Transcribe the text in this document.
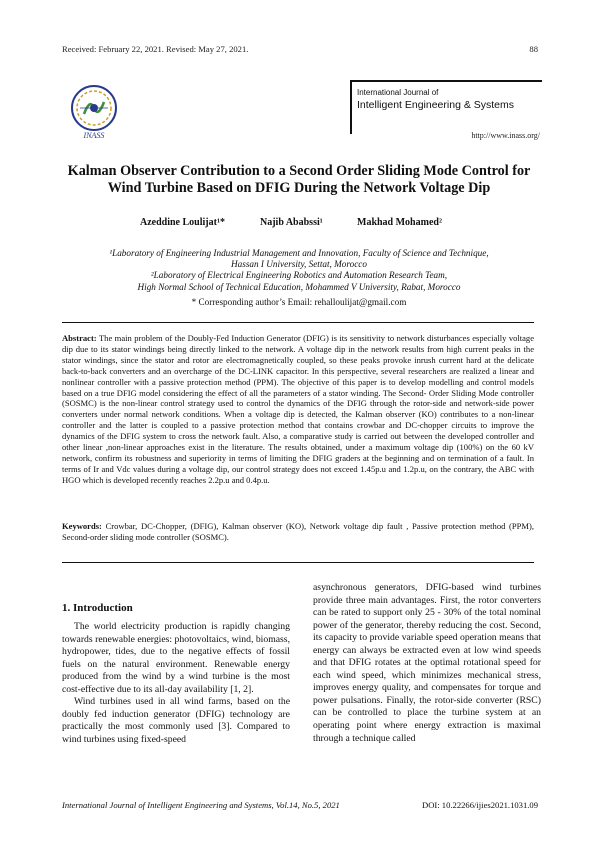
Received: February 22, 2021. Revised: May 27, 2021.	88
INASS
International Journal of
Intelligent Engineering & Systems
http://www.inass.org/
Kalman Observer Contribution to a Second Order Sliding Mode Control for Wind Turbine Based on DFIG During the Network Voltage Dip
Azeddine Loulijat¹*	Najib Ababssi¹	Makhad Mohamed²
¹Laboratory of Engineering Industrial Management and Innovation, Faculty of Science and Technique,
Hassan I University, Settat, Morocco
²Laboratory of Electrical Engineering Robotics and Automation Research Team,
High Normal School of Technical Education, Mohammed V University, Rabat, Morocco
* Corresponding author’s Email: rehalloulijat@gmail.com
Abstract: The main problem of the Doubly-Fed Induction Generator (DFIG) is its sensitivity to network disturbances especially voltage dip due to its stator windings being directly linked to the network. A voltage dip in the network results from high current peaks in the stator windings, since the stator and rotor are electromagnetically coupled, so these peaks provoke inrush current hard at the delicate back-to-back converters and an overcharge of the DC-LINK capacitor. In this perspective, several researchers are realized a linear and nonlinear controller with a passive protection method (PPM). The objective of this paper is to develop modelling and control models based on a true DFIG model considering the effect of all the parameters of a stator winding. The Second- Order Sliding Mode controller (SOSMC) is the non-linear control strategy used to control the dynamics of the DFIG through the rotor-side and network-side power converters under normal network conditions. When a voltage dip is detected, the Kalman observer (KO) contributes to a non-linear controller and the latter is coupled to a passive protection method that contains crowbar and DC-chopper circuits to improve the dynamics of the DFIG system to cross the network fault. Also, a comparative study is carried out between the developed controller and other linear ,non-linear approaches exist in the literature. The results obtained, under a maximum voltage dip (100%) on the 60 kV network, confirm its robustness and superiority in terms of limiting the DFIG graders at the beginning and on termination of a fault. In terms of Ir and Vdc values during a voltage dip, our control strategy does not exceed 1.45p.u and 1.2p.u, on the contrary, the ABC with HGO which is developed recently reaches 2.2p.u and 0.4p.u.
Keywords: Crowbar, DC-Chopper, (DFIG), Kalman observer (KO), Network voltage dip fault , Passive protection method (PPM), Second-order sliding mode controller (SOSMC).
1. Introduction

The world electricity production is rapidly changing towards renewable energies: photovoltaics, wind, biomass, hydropower, tides, due to the negative effects of fossil fuels on the natural environment. Renewable energy produced from the wind by a wind turbine is the most cost-effective due to its all-day availability [1, 2].

Wind turbines used in all wind farms, based on the doubly fed induction generator (DFIG) technology are practically the most commonly used [3]. Compared to wind turbines using fixed-speed

asynchronous generators, DFIG-based wind turbines provide three main advantages. First, the rotor converters can be rated to support only 25 - 30% of the total nominal power of the generator, thereby reducing the cost. Second, its capacity to provide variable speed operation means that energy can always be extracted even at low wind speeds and that DFIG rotates at the optimal rotational speed for each wind speed, which minimizes mechanical stress, improves energy quality, and compensates for torque and power pulsations. Finally, the rotor-side converter (RSC) can be controlled to place the turbine system at an operating point where energy extraction is maximal through a technique called

International Journal of Intelligent Engineering and Systems, Vol.14, No.5, 2021	DOI: 10.22266/ijies2021.1031.09
